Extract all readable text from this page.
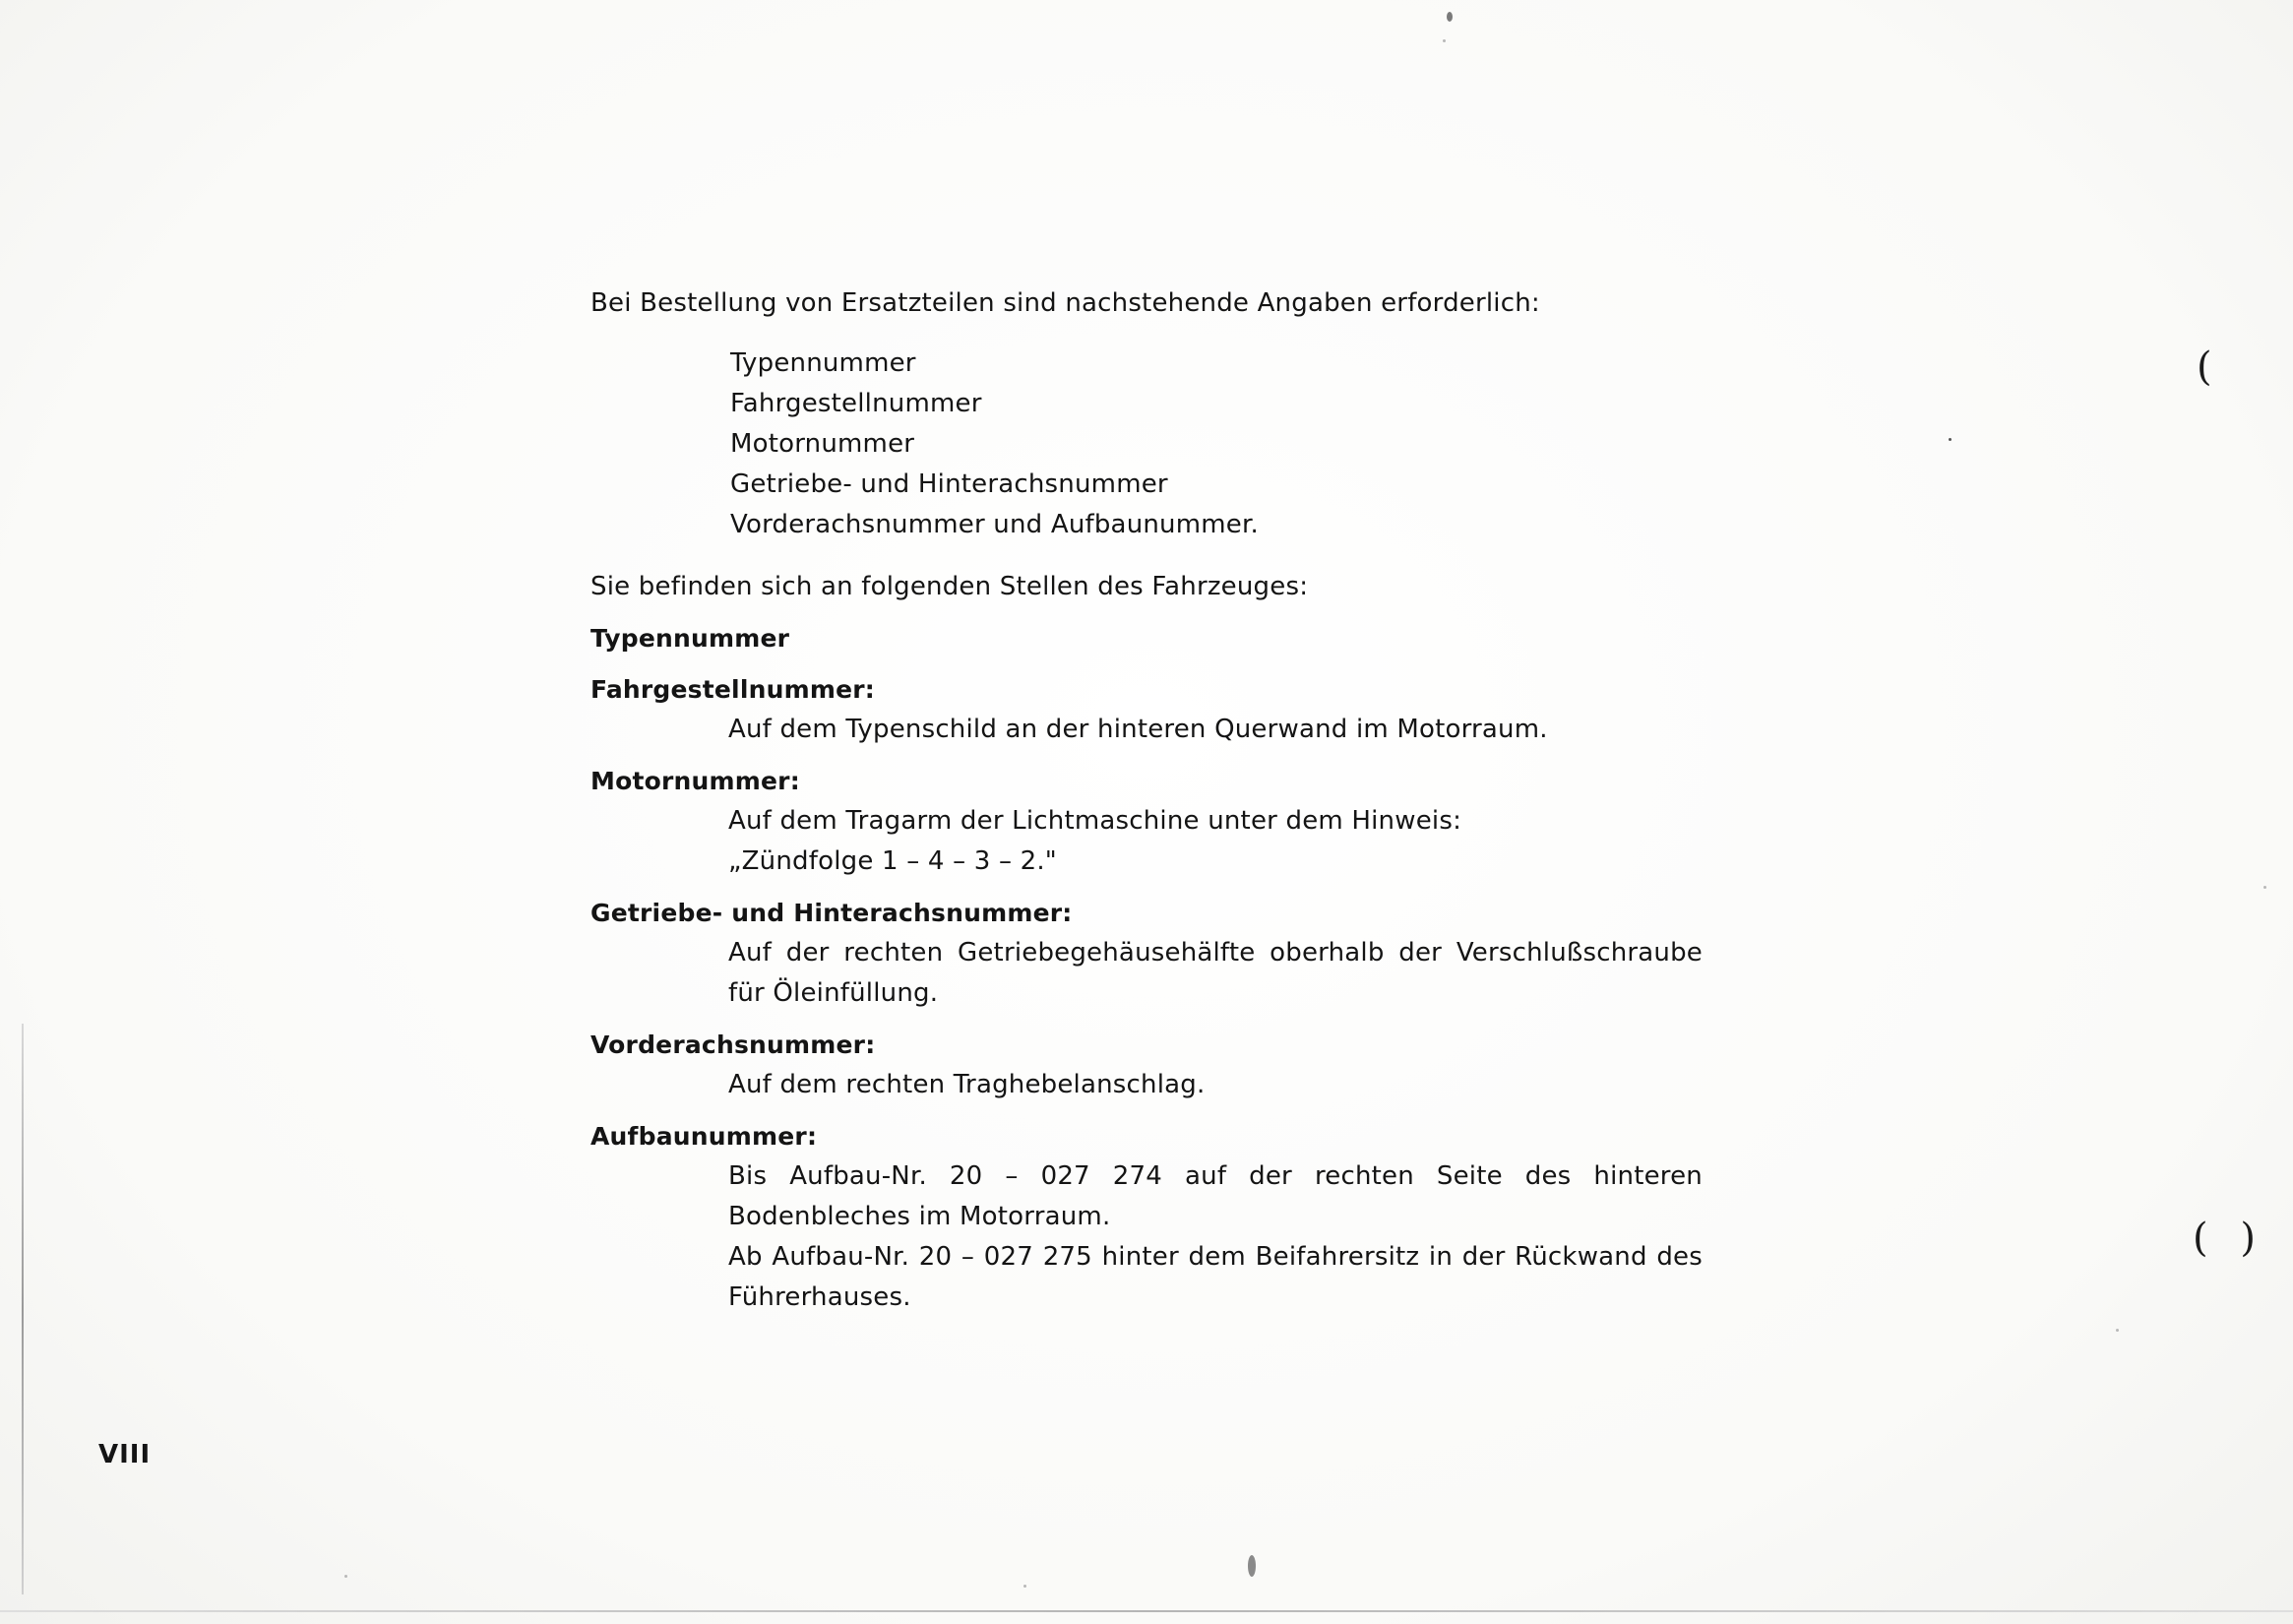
Bei Bestellung von Ersatzteilen sind nachstehende Angaben erforderlich:

Typennummer
Fahrgestellnummer
Motornummer
Getriebe- und Hinterachsnummer
Vorderachsnummer und Aufbaunummer.

Sie befinden sich an folgenden Stellen des Fahrzeuges:

Typennummer

Fahrgestellnummer:

Auf dem Typenschild an der hinteren Querwand im Motorraum.

Motornummer:

Auf dem Tragarm der Lichtmaschine unter dem Hinweis:

„Zündfolge 1 – 4 – 3 – 2."

Getriebe- und Hinterachsnummer:

Auf der rechten Getriebegehäusehälfte oberhalb der Verschlußschraube für Öleinfüllung.

Vorderachsnummer:

Auf dem rechten Traghebelanschlag.

Aufbaunummer:

Bis Aufbau-Nr. 20 – 027 274 auf der rechten Seite des hinteren Bodenbleches im Motorraum.

Ab Aufbau-Nr. 20 – 027 275 hinter dem Beifahrersitz in der Rückwand des Führerhauses.

VIII
(
( )
